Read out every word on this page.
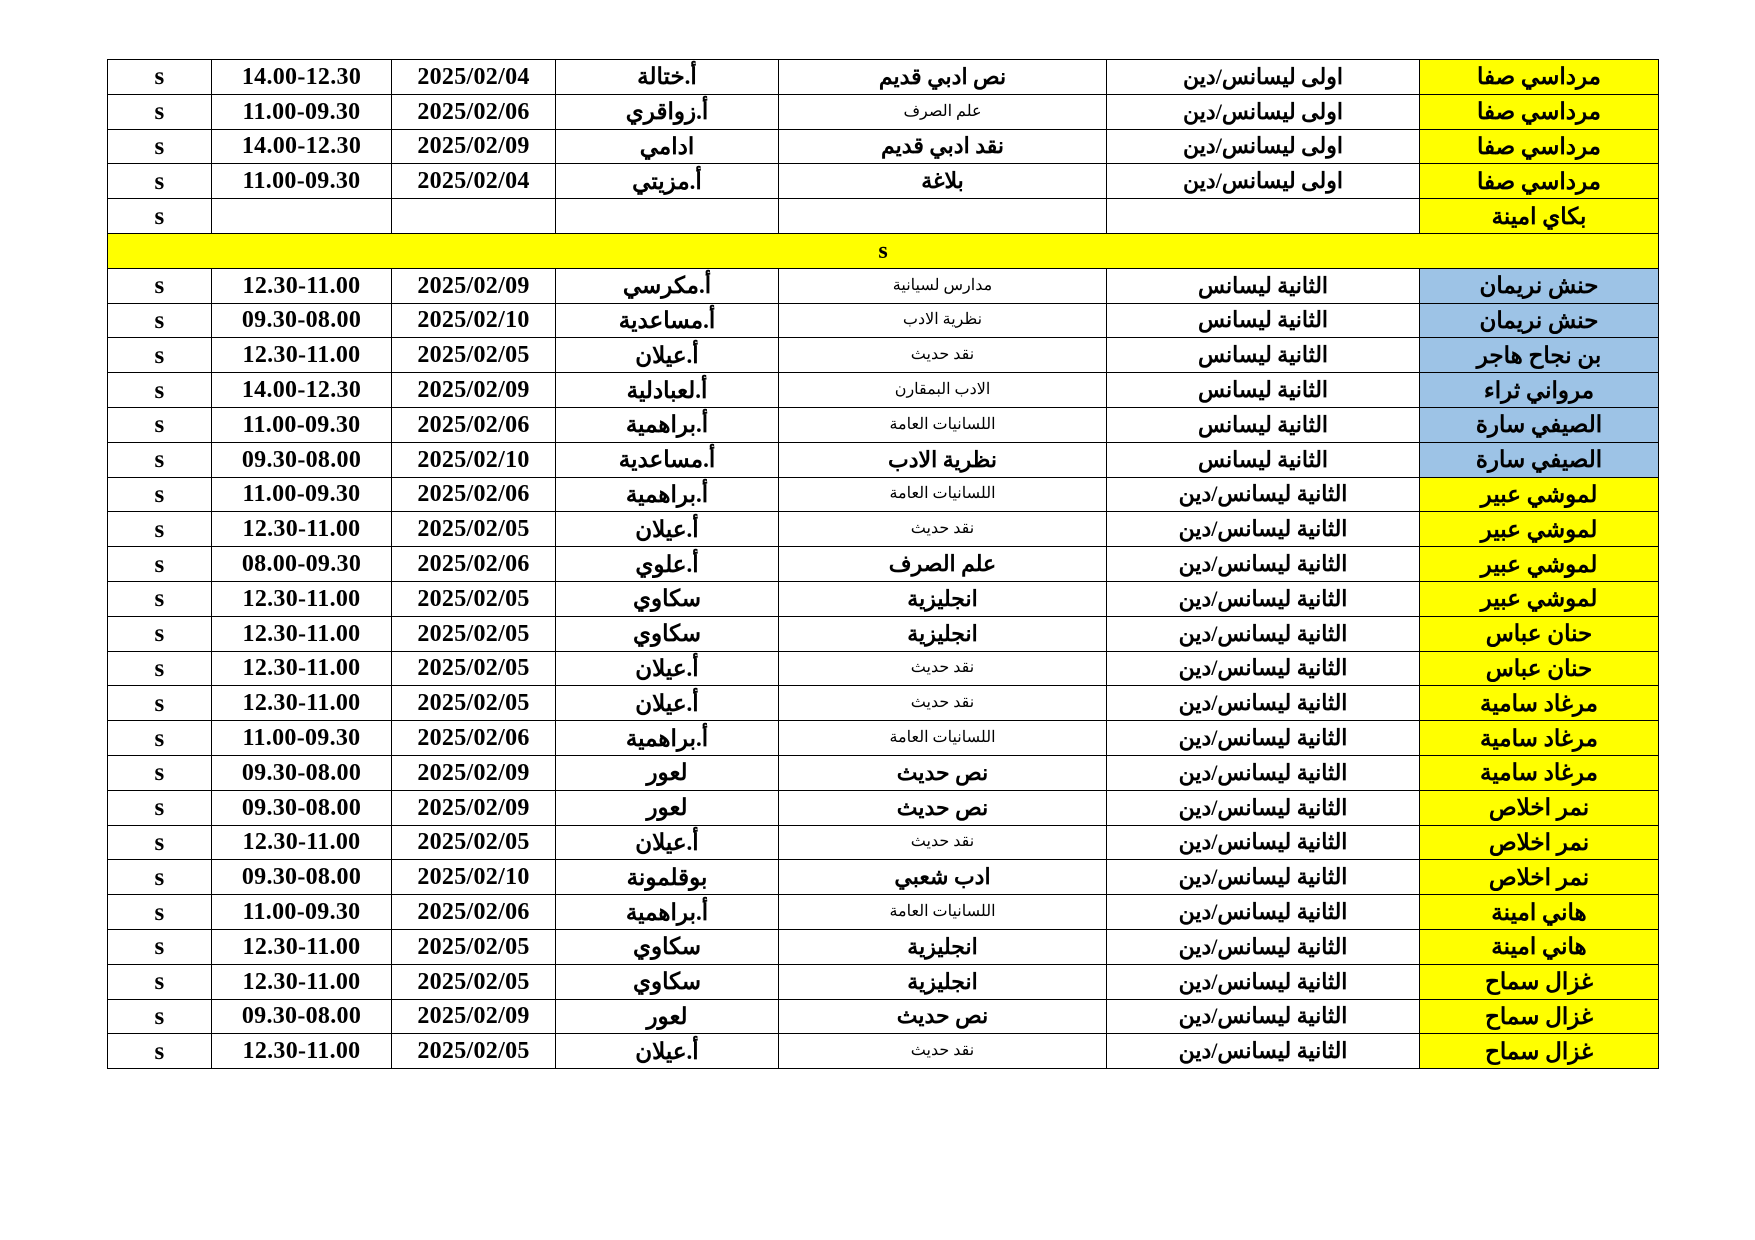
s	14.00-12.30	2025/02/04	أ.ختالة	نص ادبي قديم	اولى ليسانس/دين	مرداسي صفا
s	11.00-09.30	2025/02/06	أ.زواقري	علم الصرف	اولى ليسانس/دين	مرداسي صفا
s	14.00-12.30	2025/02/09	ادامي	نقد ادبي قديم	اولى ليسانس/دين	مرداسي صفا
s	11.00-09.30	2025/02/04	أ.مزيتي	بلاغة	اولى ليسانس/دين	مرداسي صفا
s						بكاي امينة
s						
s	12.30-11.00	2025/02/09	أ.مكرسي	مدارس لسيانية	الثانية ليسانس	حنش نريمان
s	09.30-08.00	2025/02/10	أ.مساعدية	نظرية الادب	الثانية ليسانس	حنش نريمان
s	12.30-11.00	2025/02/05	أ.عيلان	نقد حديث	الثانية ليسانس	بن نجاح هاجر
s	14.00-12.30	2025/02/09	أ.لعبادلية	الادب البمقارن	الثانية ليسانس	مرواني ثراء
s	11.00-09.30	2025/02/06	أ.براهمية	اللسانيات العامة	الثانية ليسانس	الصيفي سارة
s	09.30-08.00	2025/02/10	أ.مساعدية	نظرية الادب	الثانية ليسانس	الصيفي سارة
s	11.00-09.30	2025/02/06	أ.براهمية	اللسانيات العامة	الثانية ليسانس/دين	لموشي عبير
s	12.30-11.00	2025/02/05	أ.عيلان	نقد حديث	الثانية ليسانس/دين	لموشي عبير
s	08.00-09.30	2025/02/06	أ.علوي	علم الصرف	الثانية ليسانس/دين	لموشي عبير
s	12.30-11.00	2025/02/05	سكاوي	انجليزية	الثانية ليسانس/دين	لموشي عبير
s	12.30-11.00	2025/02/05	سكاوي	انجليزية	الثانية ليسانس/دين	حنان عباس
s	12.30-11.00	2025/02/05	أ.عيلان	نقد حديث	الثانية ليسانس/دين	حنان عباس
s	12.30-11.00	2025/02/05	أ.عيلان	نقد حديث	الثانية ليسانس/دين	مرغاد سامية
s	11.00-09.30	2025/02/06	أ.براهمية	اللسانيات العامة	الثانية ليسانس/دين	مرغاد سامية
s	09.30-08.00	2025/02/09	لعور	نص حديث	الثانية ليسانس/دين	مرغاد سامية
s	09.30-08.00	2025/02/09	لعور	نص حديث	الثانية ليسانس/دين	نمر اخلاص
s	12.30-11.00	2025/02/05	أ.عيلان	نقد حديث	الثانية ليسانس/دين	نمر اخلاص
s	09.30-08.00	2025/02/10	بوقلمونة	ادب شعبي	الثانية ليسانس/دين	نمر اخلاص
s	11.00-09.30	2025/02/06	أ.براهمية	اللسانيات العامة	الثانية ليسانس/دين	هاني امينة
s	12.30-11.00	2025/02/05	سكاوي	انجليزية	الثانية ليسانس/دين	هاني امينة
s	12.30-11.00	2025/02/05	سكاوي	انجليزية	الثانية ليسانس/دين	غزال سماح
s	09.30-08.00	2025/02/09	لعور	نص حديث	الثانية ليسانس/دين	غزال سماح
s	12.30-11.00	2025/02/05	أ.عيلان	نقد حديث	الثانية ليسانس/دين	غزال سماح
